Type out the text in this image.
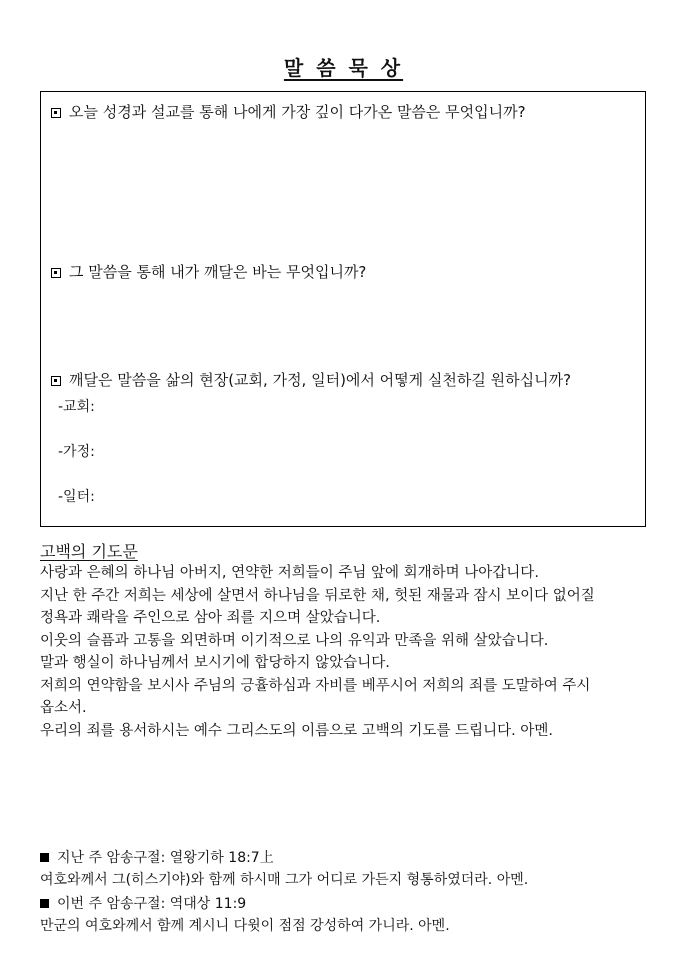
말 씀 묵 상
오늘 성경과 설교를 통해 나에게 가장 깊이 다가온 말씀은 무엇입니까?
그 말씀을 통해 내가 깨달은 바는 무엇입니까?
깨달은 말씀을 삶의 현장(교회, 가정, 일터)에서 어떻게 실천하길 원하십니까?
-교회:
-가정:
-일터:
고백의 기도문
사랑과 은혜의 하나님 아버지, 연약한 저희들이 주님 앞에 회개하며 나아갑니다.
지난 한 주간 저희는 세상에 살면서 하나님을 뒤로한 채, 헛된 재물과 잠시 보이다 없어질
정욕과 쾌락을 주인으로 삼아 죄를 지으며 살았습니다.
이웃의 슬픔과 고통을 외면하며 이기적으로 나의 유익과 만족을 위해 살았습니다.
말과 행실이 하나님께서 보시기에 합당하지 않았습니다.
저희의 연약함을 보시사 주님의 긍휼하심과 자비를 베푸시어 저희의 죄를 도말하여 주시
옵소서.
우리의 죄를 용서하시는 예수 그리스도의 이름으로 고백의 기도를 드립니다. 아멘.
지난 주 암송구절: 열왕기하 18:7上
여호와께서 그(히스기야)와 함께 하시매 그가 어디로 가든지 형통하였더라. 아멘.
이번 주 암송구절: 역대상 11:9
만군의 여호와께서 함께 계시니 다윗이 점점 강성하여 가니라. 아멘.
